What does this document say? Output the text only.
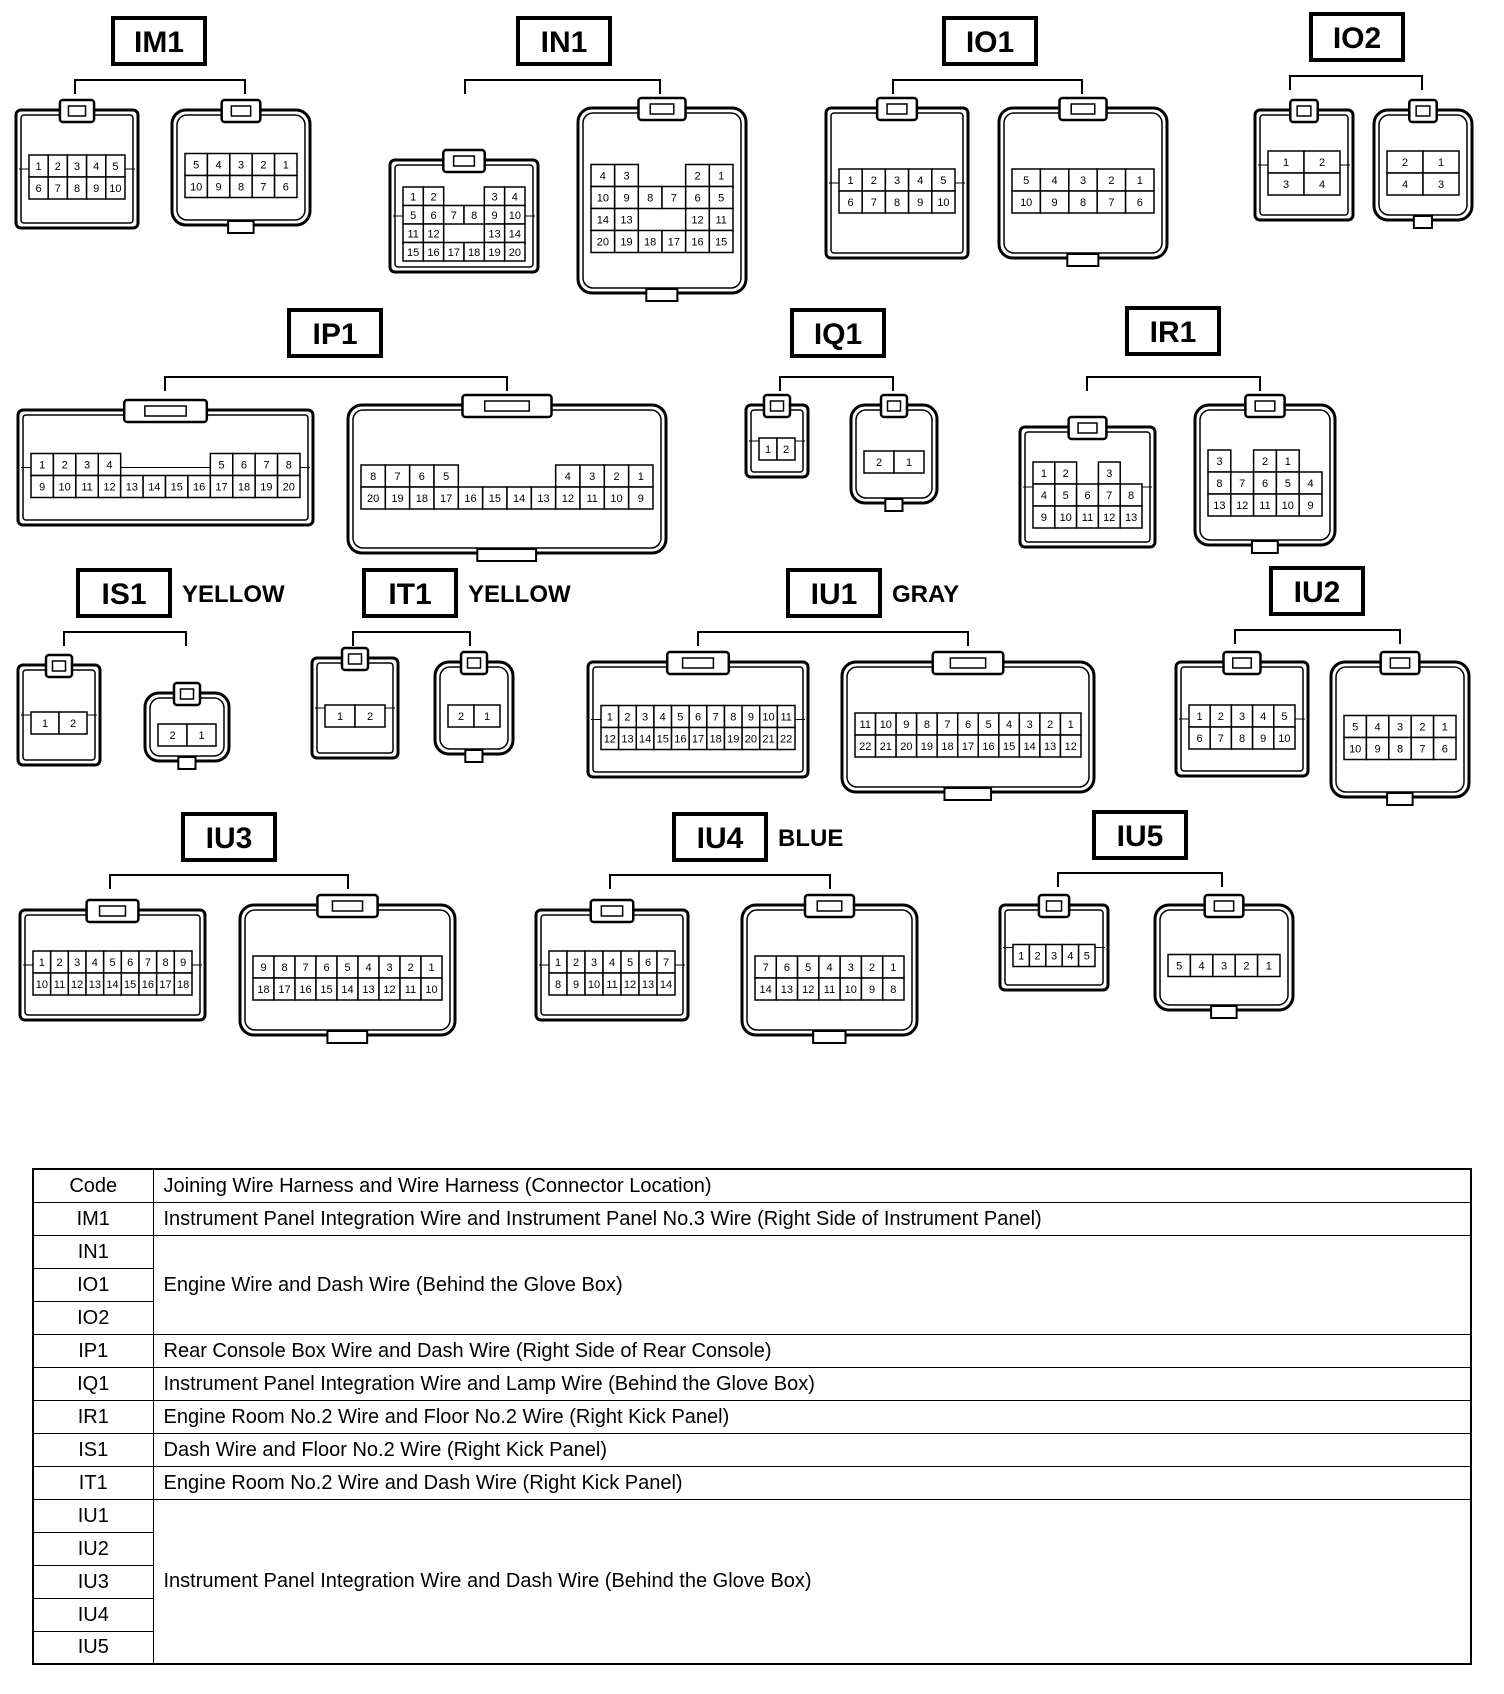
IM1
1 2 3 4 5
6 7 8 9 10
5 4 3 2 1
10 9 8 7 6
IN1
1 2	3 4
5 6 7 8 9 10
11 12	13 14
15 16 17 18 19 20
4 3	2 1
10 9 8 7 6 5
14 13	12 11
20 19 18 17 16 15
IO1
1 2 3 4 5
6 7 8 9 10
5 4 3 2 1
10 9 8 7 6
IO2
1	2
3	4
2	1
4	3
IP1
1 2 3 4	5 6 7 8
9 10 11 12 13 14 15 16 17 18 19 20
8 7 6 5	4 3 2 1
20 19 18 17 16 15 14 13 12 11 10 9
IQ1
1 2
2 1
IR1
1 2	3
4 5 6 7 8
9 10 11 12 13
3	2 1
8 7 6 5 4
13 12 11 10 9
IS1 YELLOW
1 2
2 1
IT1 YELLOW
1 2	2 1
IU1 GRAY
1 2 3 4 5 6 7 8 9 10 11
12 13 14 15 16 17 18 19 20 21 22
11 10 9 8 7 6 5 4 3 2 1
22 21 20 19 18 17 16 15 14 13 12
IU2
1 2 3 4 5
6 7 8 9 10
5 4 3 2 1
10 9 8 7 6
IU3
1 2 3 4 5 6 7 8 9
10 11 12 13 14 15 16 17 18
9 8 7 6 5 4 3 2 1
18 17 16 15 14 13 12 11 10
IU4 BLUE
1 2 3 4 5 6 7
8 9 10 11 12 13 14
7 6 5 4 3 2 1
14 13 12 11 10 9 8
IU5
1 2 3 4 5
5 4 3 2 1
Code	Joining Wire Harness and Wire Harness (Connector Location)
IM1	Instrument Panel Integration Wire and Instrument Panel No.3 Wire (Right Side of Instrument Panel)
IN1	Engine Wire and Dash Wire (Behind the Glove Box)
IO1	
IO2	
IP1	Rear Console Box Wire and Dash Wire (Right Side of Rear Console)
IQ1	Instrument Panel Integration Wire and Lamp Wire (Behind the Glove Box)
IR1	Engine Room No.2 Wire and Floor No.2 Wire (Right Kick Panel)
IS1	Dash Wire and Floor No.2 Wire (Right Kick Panel)
IT1	Engine Room No.2 Wire and Dash Wire (Right Kick Panel)
IU1	Instrument Panel Integration Wire and Dash Wire (Behind the Glove Box)
IU2	
IU3	
IU4	
IU5	
